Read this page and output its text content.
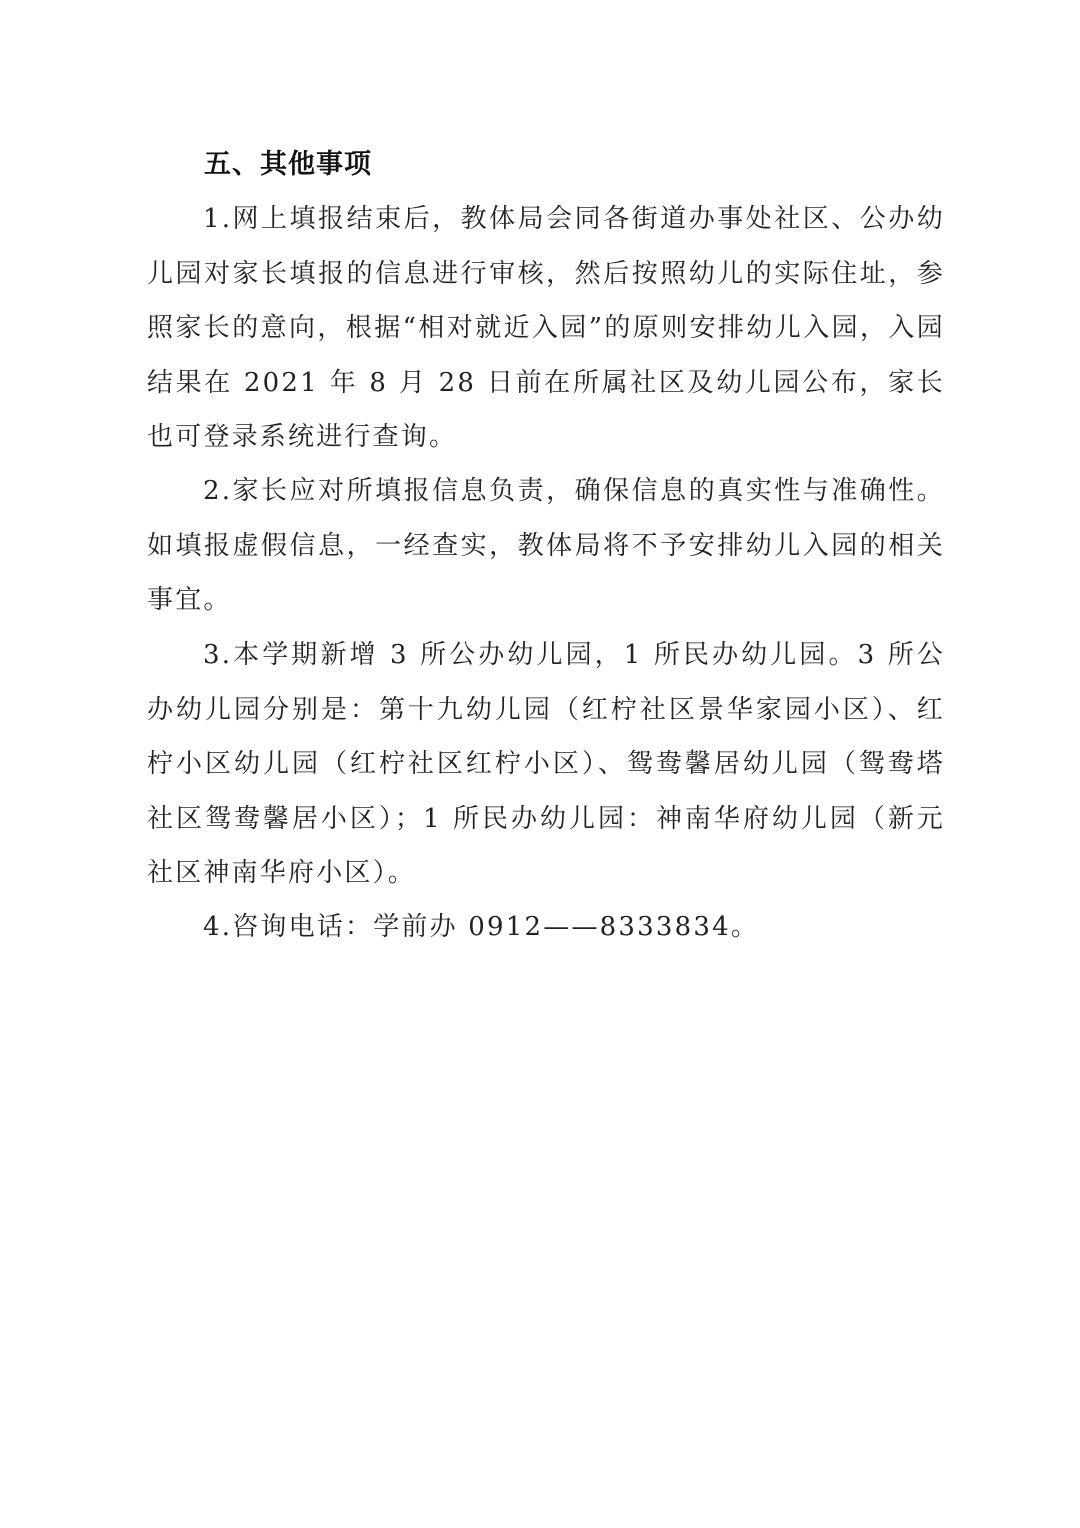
五、其他事项

1.网上填报结束后，教体局会同各街道办事处社区、公办幼儿园对家长填报的信息进行审核，然后按照幼儿的实际住址，参照家长的意向，根据“相对就近入园”的原则安排幼儿入园，入园结果在 2021 年 8 月 28 日前在所属社区及幼儿园公布，家长也可登录系统进行查询。

2.家长应对所填报信息负责，确保信息的真实性与准确性。如填报虚假信息，一经查实，教体局将不予安排幼儿入园的相关事宜。

3.本学期新增 3 所公办幼儿园，1 所民办幼儿园。3 所公办幼儿园分别是：第十九幼儿园（红柠社区景华家园小区）、红柠小区幼儿园（红柠社区红柠小区）、鸳鸯馨居幼儿园（鸳鸯塔社区鸳鸯馨居小区）；1 所民办幼儿园：神南华府幼儿园（新元社区神南华府小区）。

4.咨询电话：学前办 0912——8333834。
